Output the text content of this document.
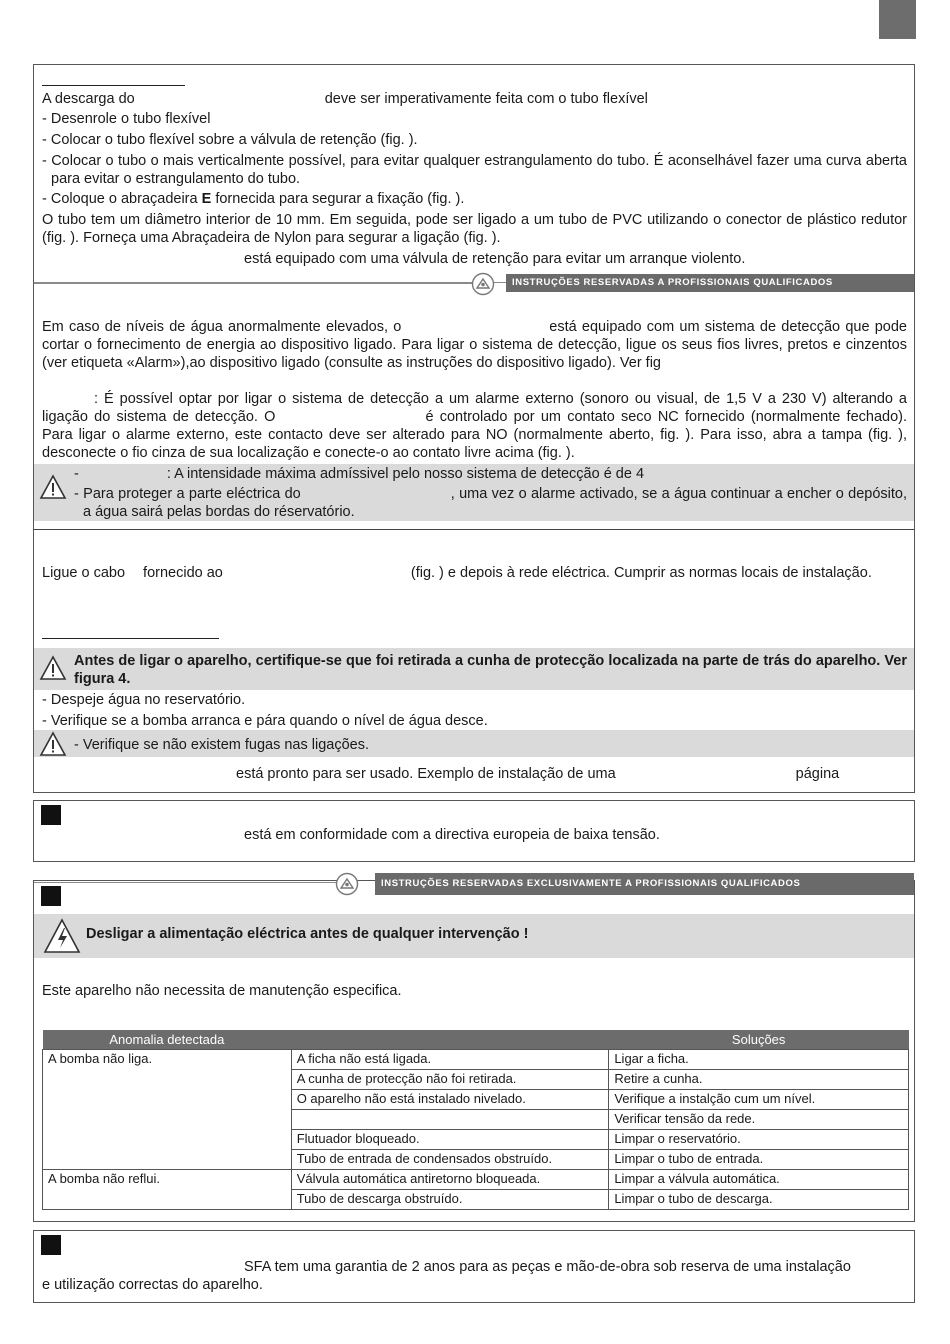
A descarga do	deve ser imperativamente feita com o tubo flexível

- Desenrole o tubo flexível

- Colocar o tubo flexível sobre a válvula de retenção (fig. ).

- Colocar o tubo o mais verticalmente possível, para evitar qualquer estrangulamento do tubo. É aconselhável fazer uma curva aberta para evitar o estrangulamento do tubo.

- Coloque o abraçadeira E fornecida para segurar a fixação (fig. ).

O tubo tem um diâmetro interior de 10 mm. Em seguida, pode ser ligado a um tubo de PVC utilizando o conector de plástico redutor (fig. ). Forneça uma Abraçadeira de Nylon para segurar a ligação (fig. ).

está equipado com uma válvula de retenção para evitar um arranque violento.

INSTRUÇÕES RESERVADAS A PROFISSIONAIS QUALIFICADOS

Em caso de níveis de água anormalmente elevados, o	está equipado com um sistema de detecção que pode cortar o fornecimento de energia ao dispositivo ligado. Para ligar o sistema de detecção, ligue os seus fios livres, pretos e cinzentos (ver etiqueta «Alarm»),ao dispositivo ligado (consulte as instruções do dispositivo ligado). Ver fig

: É possível optar por ligar o sistema de detecção a um alarme externo (sonoro ou visual, de 1,5 V a 230 V) alterando a ligação do sistema de detecção. O	é controlado por um contato seco NC fornecido (normalmente fechado). Para ligar o alarme externo, este contacto deve ser alterado para NO (normalmente aberto, fig. ). Para isso, abra a tampa (fig. ), desconecte o fio cinza de sua localização e conecte-o ao contato livre acima (fig. ).

-	: A intensidade máxima admíssivel pelo nosso sistema de detecção é de 4

- Para proteger a parte eléctrica do	, uma vez o alarme activado, se a água continuar a encher o depósito, a água sairá pelas bordas do réservatório.

Ligue o cabo fornecido ao	(fig. ) e depois à rede eléctrica. Cumprir as normas locais de instalação.

Antes de ligar o aparelho, certifique-se que foi retirada a cunha de protecção localizada na parte de trás do aparelho. Ver figura 4.

- Despeje água no reservatório.

- Verifique se a bomba arranca e pára quando o nível de água desce.

- Verifique se não existem fugas nas ligações.

está pronto para ser usado. Exemplo de instalação de uma	página

está em conformidade com a directiva europeia de baixa tensão.

INSTRUÇÕES RESERVADAS EXCLUSIVAMENTE A PROFISSIONAIS QUALIFICADOS

Desligar a alimentação eléctrica antes de qualquer intervenção !

Este aparelho não necessita de manutenção especifica.

Anomalia detectada		Soluções
A bomba não liga.	A ficha não está ligada.	Ligar a ficha.
	A cunha de protecção não foi retirada.	Retire a cunha.
	O aparelho não está instalado nivelado.	Verifique a instalção cum um nível.
		Verificar tensão da rede.
	Flutuador bloqueado.	Limpar o reservatório.
	Tubo de entrada de condensados obstruído.	Limpar o tubo de entrada.
A bomba não reflui.	Válvula automática antiretorno bloqueada.	Limpar a válvula automática.
	Tubo de descarga obstruído.	Limpar o tubo de descarga.

SFA tem uma garantia de 2 anos para as peças e mão-de-obra sob reserva de uma instalação

e utilização correctas do aparelho.
